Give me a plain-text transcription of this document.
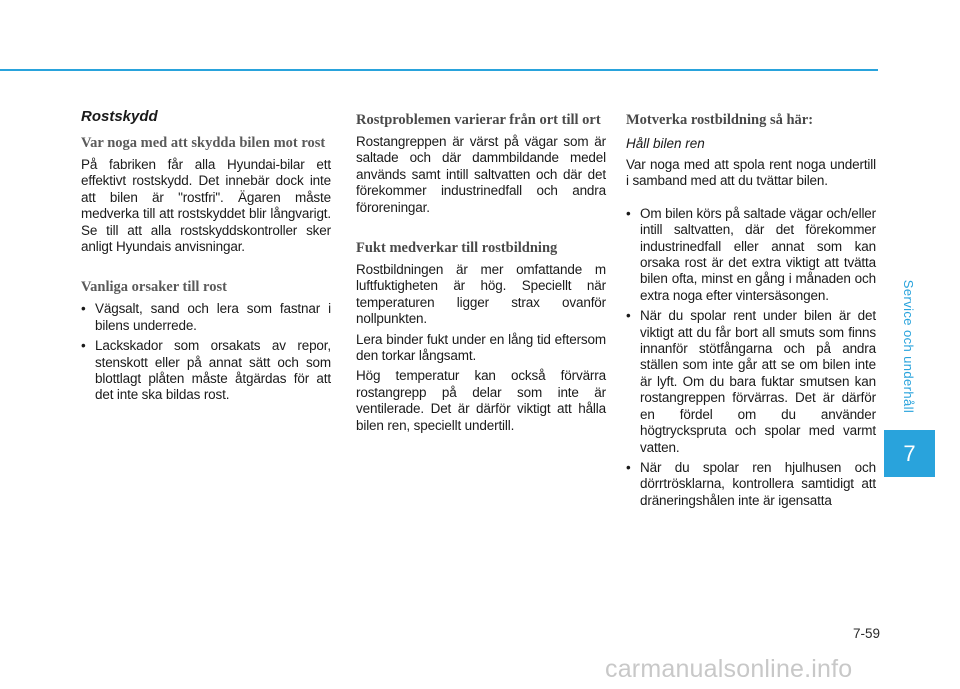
Rostskydd
Var noga med att skydda bilen mot rost

På fabriken får alla Hyundai-bilar ett effektivt rostskydd. Det innebär dock inte att bilen är "rostfri". Ägaren måste medverka till att rostskyddet blir långvarigt. Se till att alla rostskyddskontroller sker anligt Hyundais anvisningar.

Vanliga orsaker till rost
• Vägsalt, sand och lera som fastnar i bilens underrede.
• Lackskador som orsakats av repor, stenskott eller på annat sätt och som blottlagt plåten måste åtgärdas för att det inte ska bildas rost.
Rostproblemen varierar från ort till ort

Rostangreppen är värst på vägar som är saltade och där dammbildande medel används samt intill saltvatten och där det förekommer industrinedfall och andra föroreningar.

Fukt medverkar till rostbildning

Rostbildningen är mer omfattande m luftfuktigheten är hög. Speciellt när temperaturen ligger strax ovanför nollpunkten.

Lera binder fukt under en lång tid eftersom den torkar långsamt.

Hög temperatur kan också förvärra rostangrepp på delar som inte är ventilerade. Det är därför viktigt att hålla bilen ren, speciellt undertill.

Motverka rostbildning så här:
Håll bilen ren

Var noga med att spola rent noga undertill i samband med att du tvättar bilen.

• Om bilen körs på saltade vägar och/eller intill saltvatten, där det förekommer industrinedfall eller annat som kan orsaka rost är det extra viktigt att tvätta bilen ofta, minst en gång i månaden och extra noga efter vintersäsongen.
• När du spolar rent under bilen är det viktigt att du får bort all smuts som finns innanför stötfångarna och på andra ställen som inte går att se om bilen inte är lyft. Om du bara fuktar smutsen kan rostangreppen förvärras. Det är därför en fördel om du använder högtryckspruta och spolar med varmt vatten.
• När du spolar ren hjulhusen och dörrtrösklarna, kontrollera samtidigt att dräneringshålen inte är igensatta
Service och underhåll
7
7-59
carmanualsonline.info
